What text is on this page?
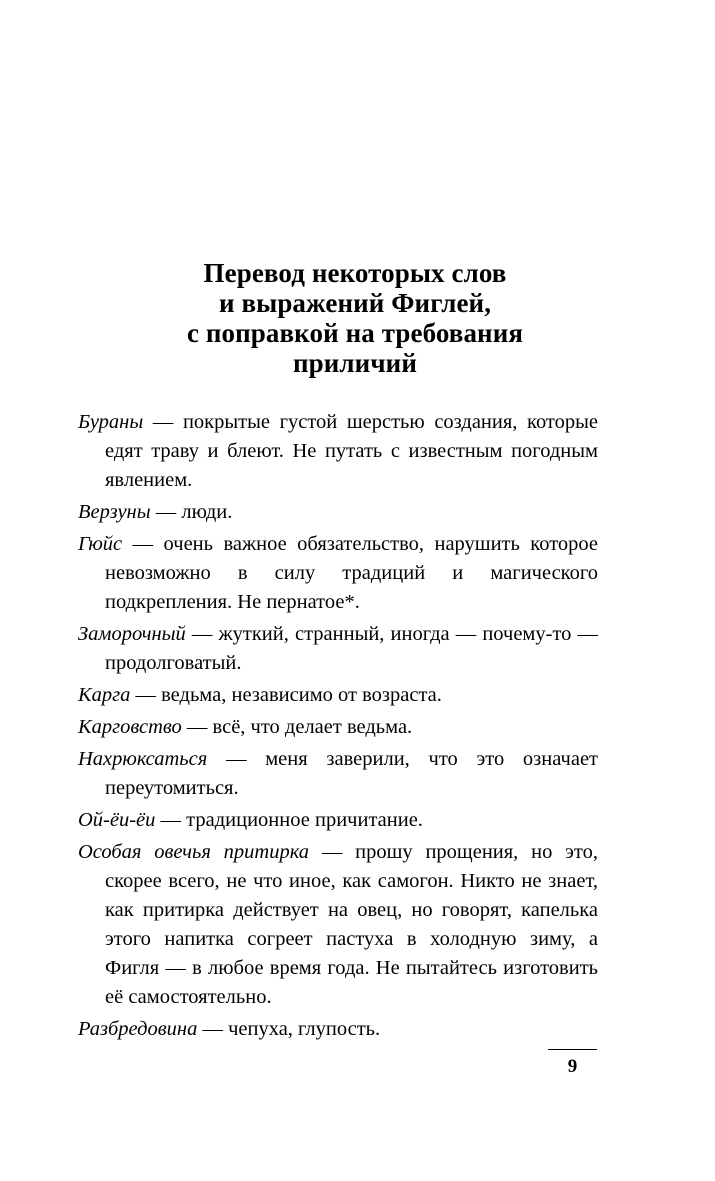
Перевод некоторых слов
и выражений Фиглей,
с поправкой на требования
приличий

Бураны — покрытые густой шерстью создания, которые едят траву и блеют. Не путать с известным погодным явлением.

Верзуны — люди.

Гюйс — очень важное обязательство, нарушить которое невозможно в силу традиций и магического подкрепления. Не пернатое*.

Заморочный — жуткий, странный, иногда — почему-то — продолговатый.

Карга — ведьма, независимо от возраста.

Карговство — всё, что делает ведьма.

Нахрюксаться — меня заверили, что это означает переутомиться.

Ой-ёи-ёи — традиционное причитание.

Особая овечья притирка — прошу прощения, но это, скорее всего, не что иное, как самогон. Никто не знает, как притирка действует на овец, но говорят, капелька этого напитка согреет пастуха в холодную зиму, а Фигля — в любое время года. Не пытайтесь изготовить её самостоятельно.

Разбредовина — чепуха, глупость.

9
